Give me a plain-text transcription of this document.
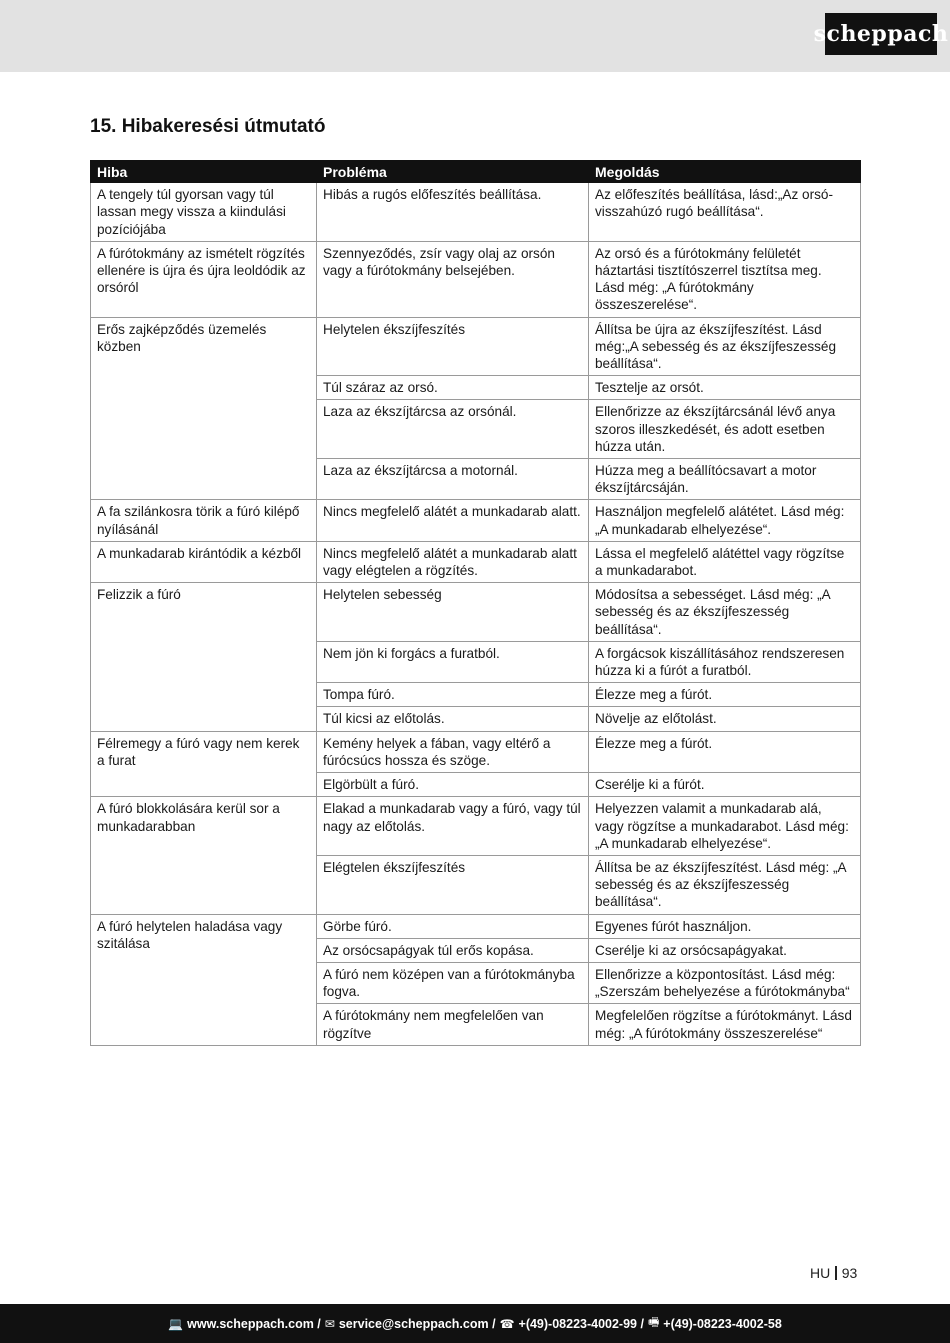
scheppach
15. Hibakeresési útmutató
Hiba	Probléma	Megoldás
A tengely túl gyorsan vagy túl lassan megy vissza a kiindulási pozíciójába	Hibás a rugós előfeszítés beállítása.	Az előfeszítés beállítása, lásd:„Az orsó-visszahúzó rugó beállítása“.
A fúrótokmány az ismételt rögzítés ellenére is újra és újra leoldódik az orsóról	Szennyeződés, zsír vagy olaj az orsón vagy a fúrótokmány belsejében.	Az orsó és a fúrótokmány felületét háztartási tisztítószerrel tisztítsa meg. Lásd még: „A fúrótokmány összeszerelése“.
Erős zajképződés üzemelés közben	Helytelen ékszíjfeszítés	Állítsa be újra az ékszíjfeszítést. Lásd még:„A sebesség és az ékszíjfeszesség beállítása“.
	Túl száraz az orsó.	Tesztelje az orsót.
	Laza az ékszíjtárcsa az orsónál.	Ellenőrizze az ékszíjtárcsánál lévő anya szoros illeszkedését, és adott esetben húzza után.
	Laza az ékszíjtárcsa a motornál.	Húzza meg a beállítócsavart a motor ékszíjtárcsáján.
A fa szilánkosra törik a fúró kilépő nyílásánál	Nincs megfelelő alátét a munkadarab alatt.	Használjon megfelelő alátétet. Lásd még: „A munkadarab elhelyezése“.
A munkadarab kirántódik a kézből	Nincs megfelelő alátét a munkadarab alatt vagy elégtelen a rögzítés.	Lássa el megfelelő alátéttel vagy rögzítse a munkadarabot.
Felizzik a fúró	Helytelen sebesség	Módosítsa a sebességet. Lásd még: „A sebesség és az ékszíjfeszesség beállítása“.
	Nem jön ki forgács a furatból.	A forgácsok kiszállításához rendszeresen húzza ki a fúrót a furatból.
	Tompa fúró.	Élezze meg a fúrót.
	Túl kicsi az előtolás.	Növelje az előtolást.
Félremegy a fúró vagy nem kerek a furat	Kemény helyek a fában, vagy eltérő a fúrócsúcs hossza és szöge.	Élezze meg a fúrót.
	Elgörbült a fúró.	Cserélje ki a fúrót.
A fúró blokkolására kerül sor a munkadarabban	Elakad a munkadarab vagy a fúró, vagy túl nagy az előtolás.	Helyezzen valamit a munkadarab alá, vagy rögzítse a munkadarabot. Lásd még: „A munkadarab elhelyezése“.
	Elégtelen ékszíjfeszítés	Állítsa be az ékszíjfeszítést. Lásd még: „A sebesség és az ékszíjfeszesség beállítása“.
A fúró helytelen haladása vagy szitálása	Görbe fúró.	Egyenes fúrót használjon.
	Az orsócsapágyak túl erős kopása.	Cserélje ki az orsócsapágyakat.
	A fúró nem középen van a fúrótokmányba fogva.	Ellenőrizze a központosítást. Lásd még: „Szerszám behelyezése a fúrótokmányba“
	A fúrótokmány nem megfelelően van rögzítve	Megfelelően rögzítse a fúrótokmányt. Lásd még: „A fúrótokmány összeszerelése“
HU 93
💻 www.scheppach.com / ✉ service@scheppach.com / ☎ +(49)-08223-4002-99 / 🖷 +(49)-08223-4002-58
